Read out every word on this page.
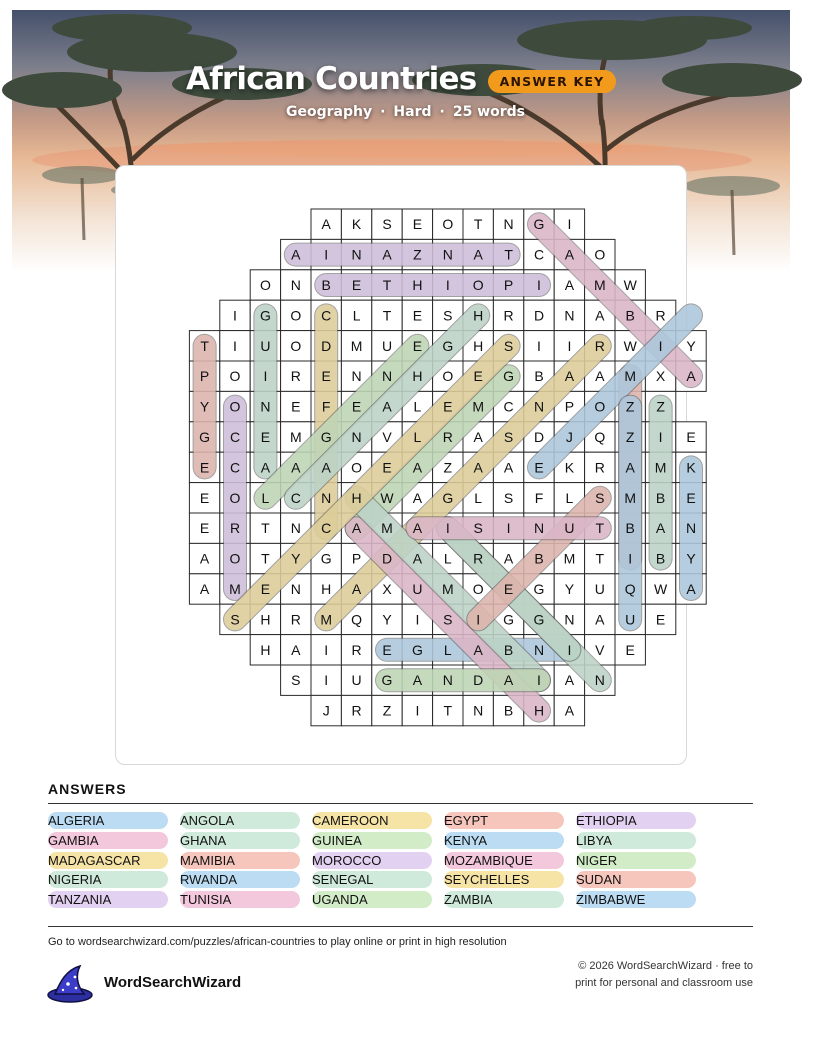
African Countries	ANSWER KEY
Geography · Hard · 25 words
A K S E O T N G I
A I N A Z N A T C A O
O N B E T H I O P I A M W
I G O C L T E S H R D N A B R
T I U O D M U E G H S I I R W I Y
P O I R E N N H O E G B A A M X A
Y O N E F E A L E M C N P O Z Z
G C E M G N V L R A S D J Q Z I E
E C A A A O E A Z A A E K R A M K
E O L C N H W A G L S F L S M B E
E R T N C A M A I S I N U T B A N
A O T Y G P D A L R A B M T I B Y
A M E N H A X U M O E G Y U Q W A
S H R M Q Y I S I G G N A U E
H A I R E G L A B N I V E
S I U G A N D A I A N
J R Z I T N B H A
ANSWERS
ALGERIA	ANGOLA	CAMEROON	EGYPT	ETHIOPIA
GAMBIA	GHANA	GUINEA	KENYA	LIBYA
MADAGASCAR	MAMIBIA	MOROCCO	MOZAMBIQUE	NIGER
NIGERIA	RWANDA	SENEGAL	SEYCHELLES	SUDAN
TANZANIA	TUNISIA	UGANDA	ZAMBIA	ZIMBABWE
Go to wordsearchwizard.com/puzzles/african-countries to play online or print in high resolution
WordSearchWizard
© 2026 WordSearchWizard · free to print for personal and classroom use
